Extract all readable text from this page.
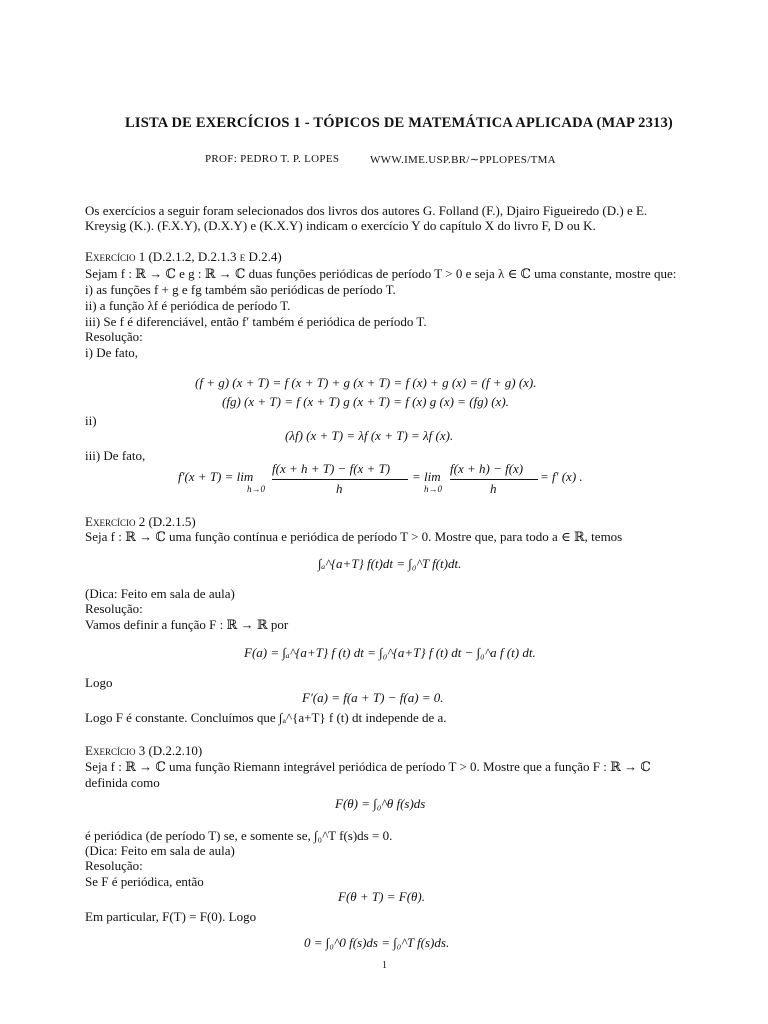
LISTA DE EXERCÍCIOS 1 - TÓPICOS DE MATEMÁTICA APLICADA (MAP 2313)
PROF: PEDRO T. P. LOPES	WWW.IME.USP.BR/∼PPLOPES/TMA
Os exercícios a seguir foram selecionados dos livros dos autores G. Folland (F.), Djairo Figueiredo (D.) e E.
Kreysig (K.). (F.X.Y), (D.X.Y) e (K.X.Y) indicam o exercício Y do capítulo X do livro F, D ou K.
Exercício 1 (D.2.1.2, D.2.1.3 e D.2.4)
Sejam f : ℝ → ℂ e g : ℝ → ℂ duas funções periódicas de período T > 0 e seja λ ∈ ℂ uma constante, mostre que:
i) as funções f + g e fg também são periódicas de período T.
ii) a função λf é periódica de período T.
iii) Se f é diferenciável, então f′ também é periódica de período T.
Resolução:
i) De fato,
(f + g) (x + T) = f (x + T) + g (x + T) = f (x) + g (x) = (f + g) (x).
(fg) (x + T) = f (x + T) g (x + T) = f (x) g (x) = (fg) (x).
ii)
(λf) (x + T) = λf (x + T) = λf (x).
iii) De fato,
f′(x + T) = lim
h→0
f(x + h + T) − f(x + T)
h
= lim
h→0
f(x + h) − f(x)
h
= f′ (x) .
Exercício 2 (D.2.1.5)
Seja f : ℝ → ℂ uma função contínua e periódica de período T > 0. Mostre que, para todo a ∈ ℝ, temos
∫ₐ^{a+T} f(t)dt = ∫₀^T f(t)dt.
(Dica: Feito em sala de aula)
Resolução:
Vamos definir a função F : ℝ → ℝ por
F(a) = ∫ₐ^{a+T} f (t) dt = ∫₀^{a+T} f (t) dt − ∫₀^a f (t) dt.
Logo
F′(a) = f(a + T) − f(a) = 0.
Logo F é constante. Concluímos que ∫ₐ^{a+T} f (t) dt independe de a.
Exercício 3 (D.2.2.10)
Seja f : ℝ → ℂ uma função Riemann integrável periódica de período T > 0. Mostre que a função F : ℝ → ℂ
definida como
F(θ) = ∫₀^θ f(s)ds
é periódica (de período T) se, e somente se, ∫₀^T f(s)ds = 0.
(Dica: Feito em sala de aula)
Resolução:
Se F é periódica, então
F(θ + T) = F(θ).
Em particular, F(T) = F(0). Logo
0 = ∫₀^0 f(s)ds = ∫₀^T f(s)ds.
1
